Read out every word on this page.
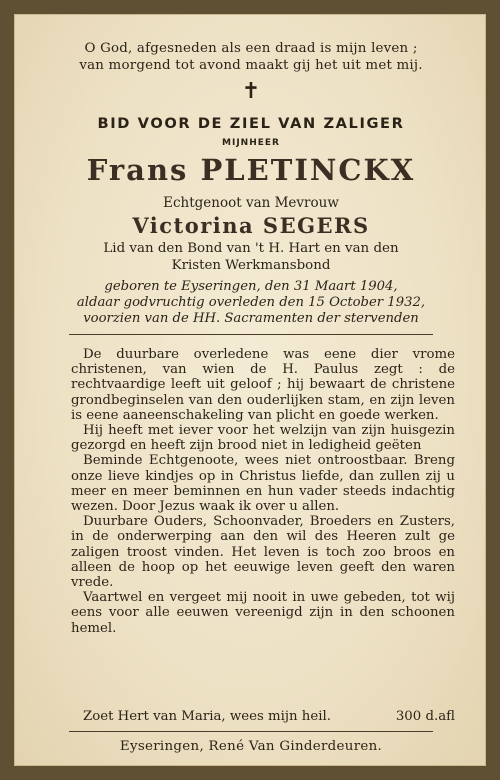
O God, afgesneden als een draad is mijn leven ;
van morgend tot avond maakt gij het uit met mij.
✝
BID VOOR DE ZIEL VAN ZALIGER
MIJNHEER
Frans PLETINCKX
Echtgenoot van Mevrouw
Victorina SEGERS
Lid van den Bond van 't H. Hart en van den
Kristen Werkmansbond
geboren te Eyseringen, den 31 Maart 1904,
aldaar godvruchtig overleden den 15 October 1932,
voorzien van de HH. Sacramenten der stervenden

De duurbare overledene was eene dier vrome christenen, van wien de H. Paulus zegt : de rechtvaardige leeft uit geloof ; hij bewaart de christene grondbeginselen van den ouderlijken stam, en zijn leven is eene aaneenschakeling van plicht en goede werken.

Hij heeft met iever voor het welzijn van zijn huisgezin gezorgd en heeft zijn brood niet in ledigheid geëten

Beminde Echtgenoote, wees niet ontroostbaar. Breng onze lieve kindjes op in Christus liefde, dan zullen zij u meer en meer beminnen en hun vader steeds indachtig wezen. Door Jezus waak ik over u allen.

Duurbare Ouders, Schoonvader, Broeders en Zusters, in de onderwerping aan den wil des Heeren zult ge zaligen troost vinden. Het leven is toch zoo broos en alleen de hoop op het eeuwige leven geeft den waren vrede.

Vaartwel en vergeet mij nooit in uwe gebeden, tot wij eens voor alle eeuwen vereenigd zijn in den schoonen hemel.

Zoet Hert van Maria, wees mijn heil.	300 d.afl
Eyseringen, René Van Ginderdeuren.
